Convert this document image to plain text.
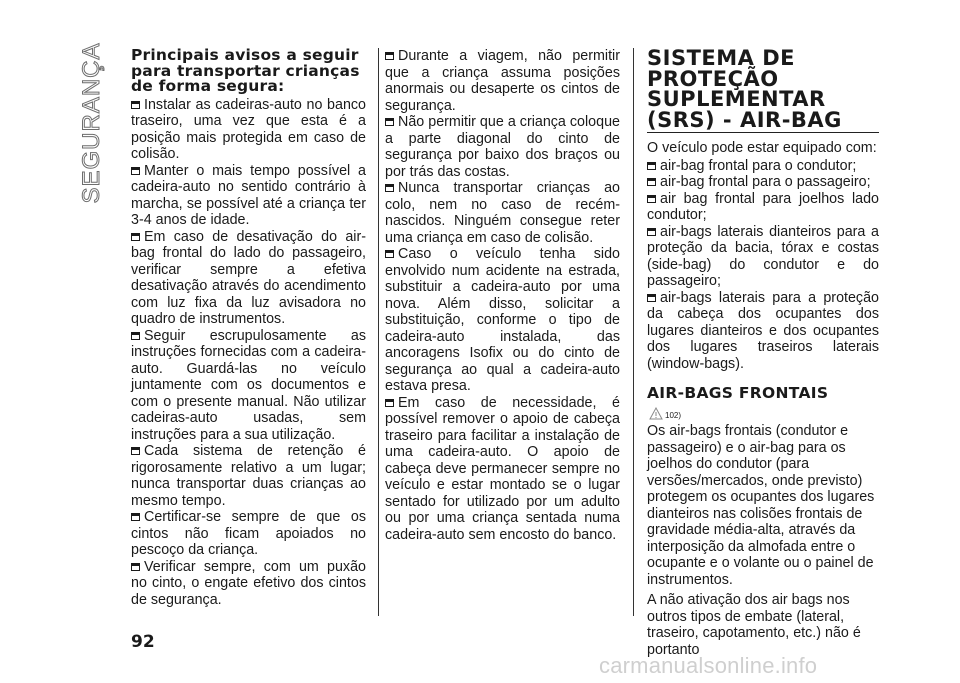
SEGURANÇA Principais avisos a seguir para transportar crianças de forma segura:
Instalar as cadeiras-auto no banco traseiro, uma vez que esta é a posição mais protegida em caso de colisão.
Manter o mais tempo possível a cadeira-auto no sentido contrário à marcha, se possível até a criança ter 3-4 anos de idade.
Em caso de desativação do air-bag frontal do lado do passageiro, verificar sempre a efetiva desativação através do acendimento com luz fixa da luz avisadora no quadro de instrumentos.
Seguir escrupulosamente as instruções fornecidas com a cadeira-auto. Guardá-las no veículo juntamente com os documentos e com o presente manual. Não utilizar cadeiras-auto usadas, sem instruções para a sua utilização.
Cada sistema de retenção é rigorosamente relativo a um lugar; nunca transportar duas crianças ao mesmo tempo.
Certificar-se sempre de que os cintos não ficam apoiados no pescoço da criança.
Verificar sempre, com um puxão no cinto, o engate efetivo dos cintos de segurança.
Durante a viagem, não permitir que a criança assuma posições anormais ou desaperte os cintos de segurança.
Não permitir que a criança coloque a parte diagonal do cinto de segurança por baixo dos braços ou por trás das costas.
Nunca transportar crianças ao colo, nem no caso de recém-nascidos. Ninguém consegue reter uma criança em caso de colisão.
Caso o veículo tenha sido envolvido num acidente na estrada, substituir a cadeira-auto por uma nova. Além disso, solicitar a substituição, conforme o tipo de cadeira-auto instalada, das ancoragens Isofix ou do cinto de segurança ao qual a cadeira-auto estava presa.
Em caso de necessidade, é possível remover o apoio de cabeça traseiro para facilitar a instalação de uma cadeira-auto. O apoio de cabeça deve permanecer sempre no veículo e estar montado se o lugar sentado for utilizado por um adulto ou por uma criança sentada numa cadeira-auto sem encosto do banco.
SISTEMA DE PROTEÇÃO SUPLEMENTAR (SRS) - AIR-BAG

O veículo pode estar equipado com:

air-bag frontal para o condutor;
air-bag frontal para o passageiro;
air bag frontal para joelhos lado condutor;
air-bags laterais dianteiros para a proteção da bacia, tórax e costas (side-bag) do condutor e do passageiro;
air-bags laterais para a proteção da cabeça dos ocupantes dos lugares dianteiros e dos ocupantes dos lugares traseiros laterais (window-bags).
AIR-BAGS FRONTAIS
102)

Os air-bags frontais (condutor e passageiro) e o air-bag para os joelhos do condutor (para versões/mercados, onde previsto) protegem os ocupantes dos lugares dianteiros nas colisões frontais de gravidade média-alta, através da interposição da almofada entre o ocupante e o volante ou o painel de instrumentos.

A não ativação dos air bags nos outros tipos de embate (lateral, traseiro, capotamento, etc.) não é portanto

92
carmanualsonline.info
